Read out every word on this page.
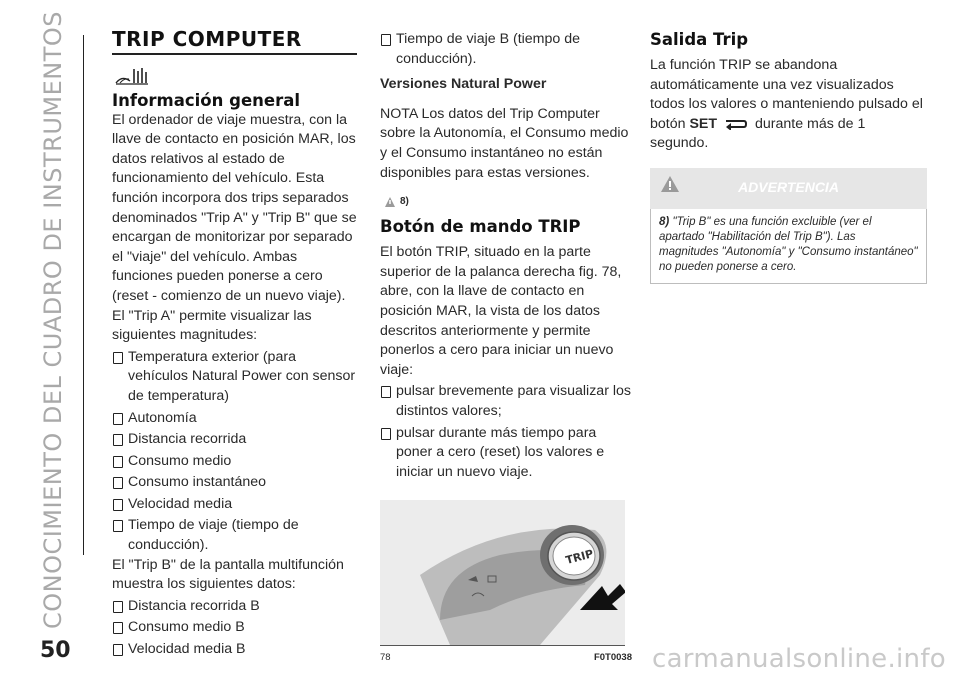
CONOCIMIENTO DEL CUADRO DE INSTRUMENTOS
50
TRIP COMPUTER
Información general

El ordenador de viaje muestra, con la llave de contacto en posición MAR, los datos relativos al estado de funcionamiento del vehículo. Esta función incorpora dos trips separados denominados "Trip A" y "Trip B" que se encargan de monitorizar por separado el "viaje" del vehículo. Ambas funciones pueden ponerse a cero (reset - comienzo de un nuevo viaje).

El "Trip A" permite visualizar las siguientes magnitudes:

Temperatura exterior (para vehículos Natural Power con sensor de temperatura)
Autonomía
Distancia recorrida
Consumo medio
Consumo instantáneo
Velocidad media
Tiempo de viaje (tiempo de conducción).

El "Trip B" de la pantalla multifunción muestra los siguientes datos:

Distancia recorrida B
Consumo medio B
Velocidad media B
Tiempo de viaje B (tiempo de conducción).

Versiones Natural Power

NOTA Los datos del Trip Computer sobre la Autonomía, el Consumo medio y el Consumo instantáneo no están disponibles para estas versiones.

8)
Botón de mando TRIP

El botón TRIP, situado en la parte superior de la palanca derecha fig. 78, abre, con la llave de contacto en posición MAR, la vista de los datos descritos anteriormente y permite ponerlos a cero para iniciar un nuevo viaje:

pulsar brevemente para visualizar los distintos valores;
pulsar durante más tiempo para poner a cero (reset) los valores e iniciar un nuevo viaje.
TRIP
78	F0T0038
Salida Trip

La función TRIP se abandona automáticamente una vez visualizados todos los valores o manteniendo pulsado el botón SET	durante más de 1 segundo.

ADVERTENCIA
8) "Trip B" es una función excluible (ver el apartado "Habilitación del Trip B"). Las magnitudes "Autonomía" y "Consumo instantáneo" no pueden ponerse a cero.
carmanualsonline.info
